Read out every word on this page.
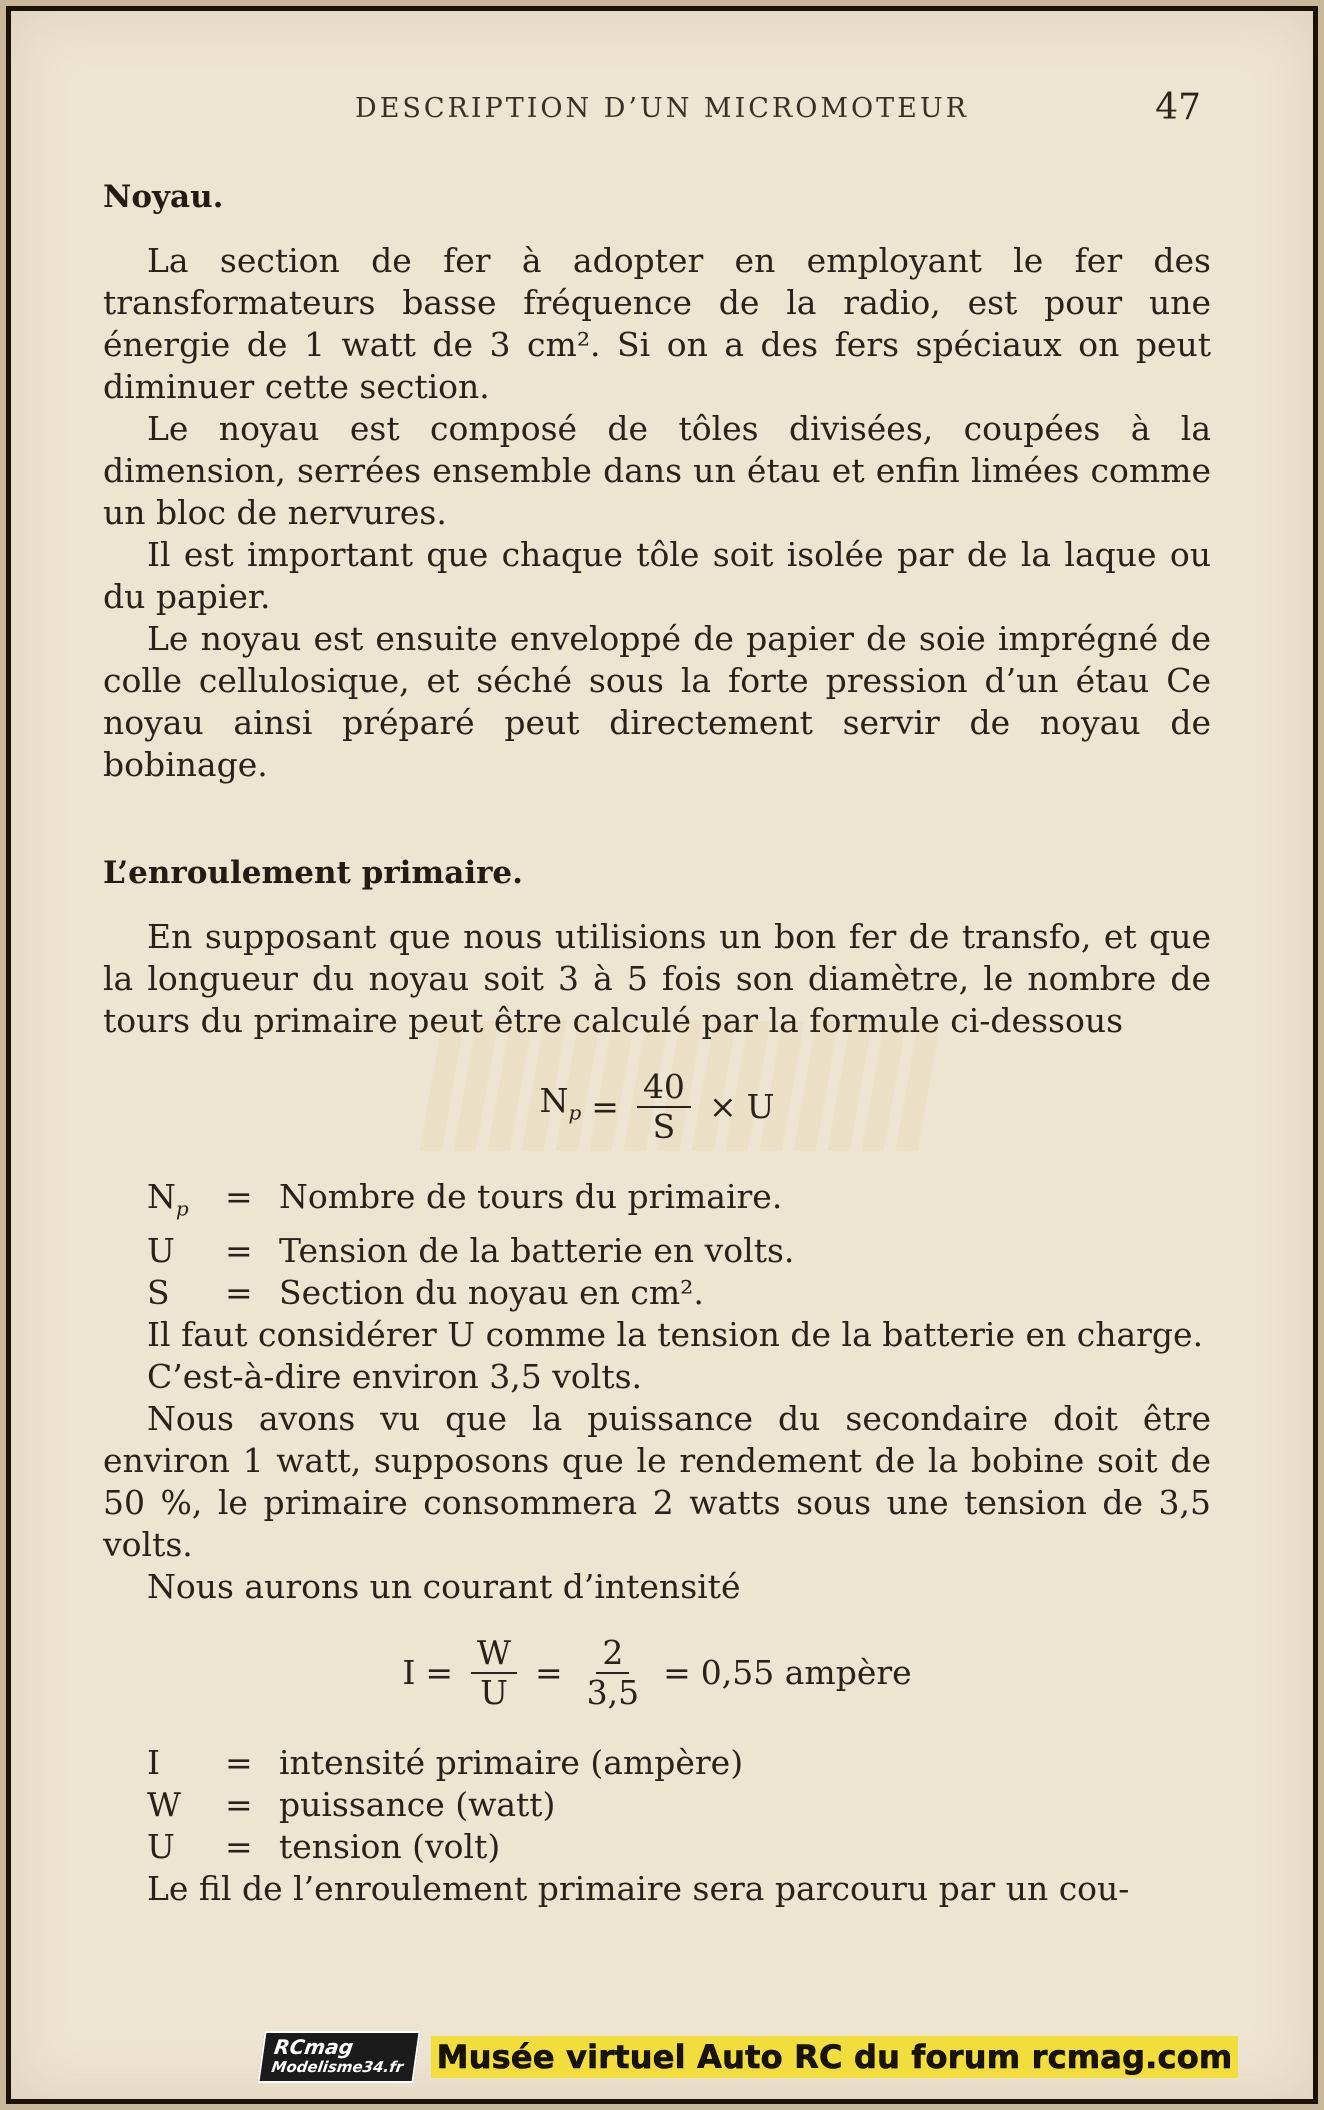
DESCRIPTION D’UN MICROMOTEUR	47
Noyau.

La section de fer à adopter en employant le fer des transformateurs basse fréquence de la radio, est pour une énergie de 1 watt de 3 cm². Si on a des fers spéciaux on peut diminuer cette section.

Le noyau est composé de tôles divisées, coupées à la dimension, serrées ensemble dans un étau et enfin limées comme un bloc de nervures.

Il est important que chaque tôle soit isolée par de la laque ou du papier.

Le noyau est ensuite enveloppé de papier de soie imprégné de colle cellulosique, et séché sous la forte pression d’un étau Ce noyau ainsi préparé peut directement servir de noyau de bobinage.

L’enroulement primaire.

En supposant que nous utilisions un bon fer de transfo, et que la longueur du noyau soit 3 à 5 fois son diamètre, le nombre de tours du primaire peut être calculé par la formule ci-dessous

$N_p = \frac{40}{S} \times U$
$N_p$	= Nombre de tours du primaire.
U	= Tension de la batterie en volts.
S	= Section du noyau en cm².

Il faut considérer U comme la tension de la batterie en charge.

C’est-à-dire environ 3,5 volts.

Nous avons vu que la puissance du secondaire doit être environ 1 watt, supposons que le rendement de la bobine soit de 50 %, le primaire consommera 2 watts sous une tension de 3,5 volts.

Nous aurons un courant d’intensité

$I = \frac{W}{U} = \frac{2}{3,5} = 0,55$ ampère
I	= intensité primaire (ampère)
W	= puissance (watt)
U	= tension (volt)

Le fil de l’enroulement primaire sera parcouru par un cou-

RCmag
Modelisme34.fr Musée virtuel Auto RC du forum rcmag.com
